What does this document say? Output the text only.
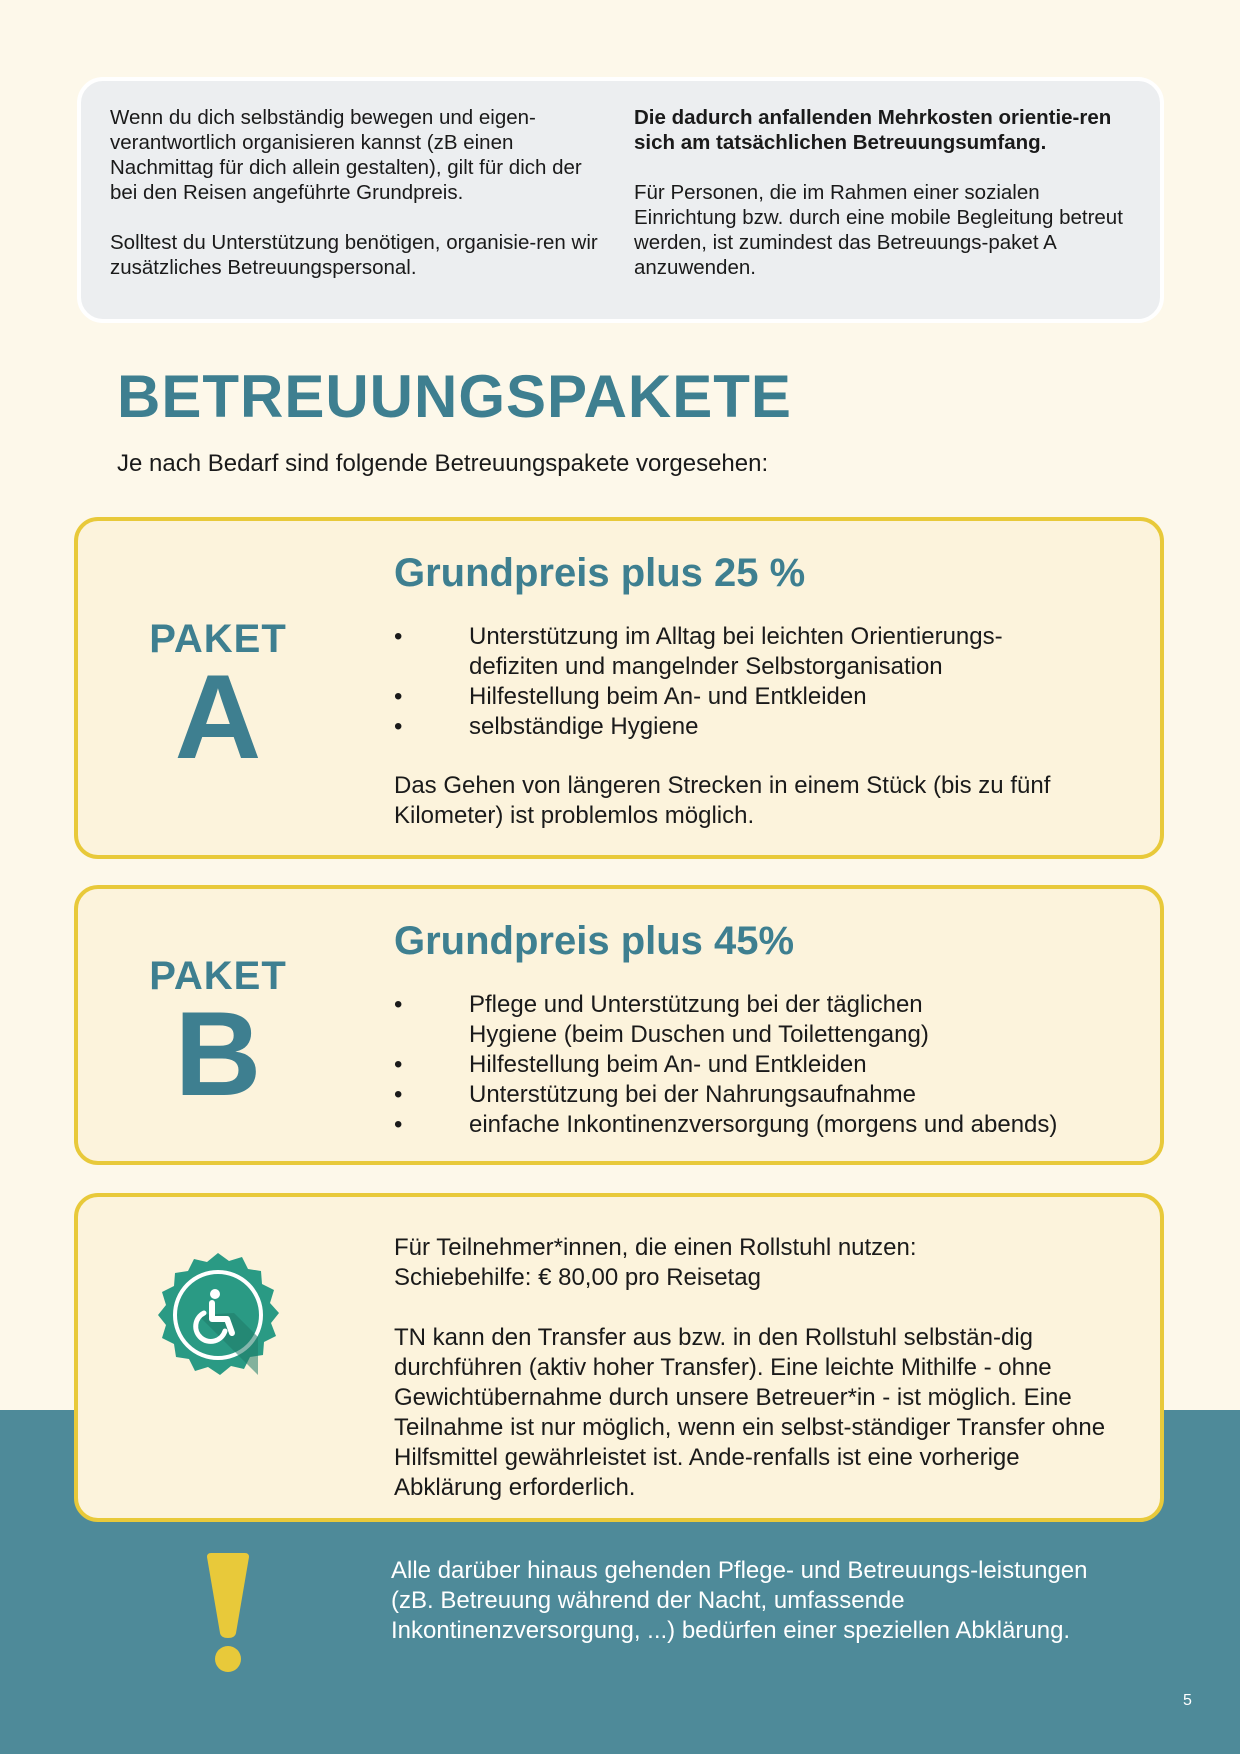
Wenn du dich selbständig bewegen und eigen-verantwortlich organisieren kannst (zB einen Nachmittag für dich allein gestalten), gilt für dich der bei den Reisen angeführte Grundpreis.

Solltest du Unterstützung benötigen, organisie-ren wir zusätzliches Betreuungspersonal.

Die dadurch anfallenden Mehrkosten orientie-ren sich am tatsächlichen Betreuungsumfang.

Für Personen, die im Rahmen einer sozialen Einrichtung bzw. durch eine mobile Begleitung betreut werden, ist zumindest das Betreuungs-paket A anzuwenden.

BETREUUNGSPAKETE

Je nach Bedarf sind folgende Betreuungspakete vorgesehen:

PAKET
A
Grundpreis plus 25 %
•	Unterstützung im Alltag bei leichten Orientierungs-
defiziten und mangelnder Selbstorganisation
•	Hilfestellung beim An- und Entkleiden
•	selbständige Hygiene

Das Gehen von längeren Strecken in einem Stück (bis zu fünf Kilometer) ist problemlos möglich.

PAKET
B
Grundpreis plus 45%
•	Pflege und Unterstützung bei der täglichen
Hygiene (beim Duschen und Toilettengang)
•	Hilfestellung beim An- und Entkleiden
•	Unterstützung bei der Nahrungsaufnahme
•	einfache Inkontinenzversorgung (morgens und abends)

Für Teilnehmer*innen, die einen Rollstuhl nutzen:
Schiebehilfe: € 80,00 pro Reisetag

TN kann den Transfer aus bzw. in den Rollstuhl selbstän-dig durchführen (aktiv hoher Transfer). Eine leichte Mithilfe - ohne Gewichtübernahme durch unsere Betreuer*in - ist möglich. Eine Teilnahme ist nur möglich, wenn ein selbst-ständiger Transfer ohne Hilfsmittel gewährleistet ist. Ande-renfalls ist eine vorherige Abklärung erforderlich.

Alle darüber hinaus gehenden Pflege- und Betreuungs-leistungen (zB. Betreuung während der Nacht, umfassende Inkontinenzversorgung, ...) bedürfen einer speziellen Abklärung.

5
